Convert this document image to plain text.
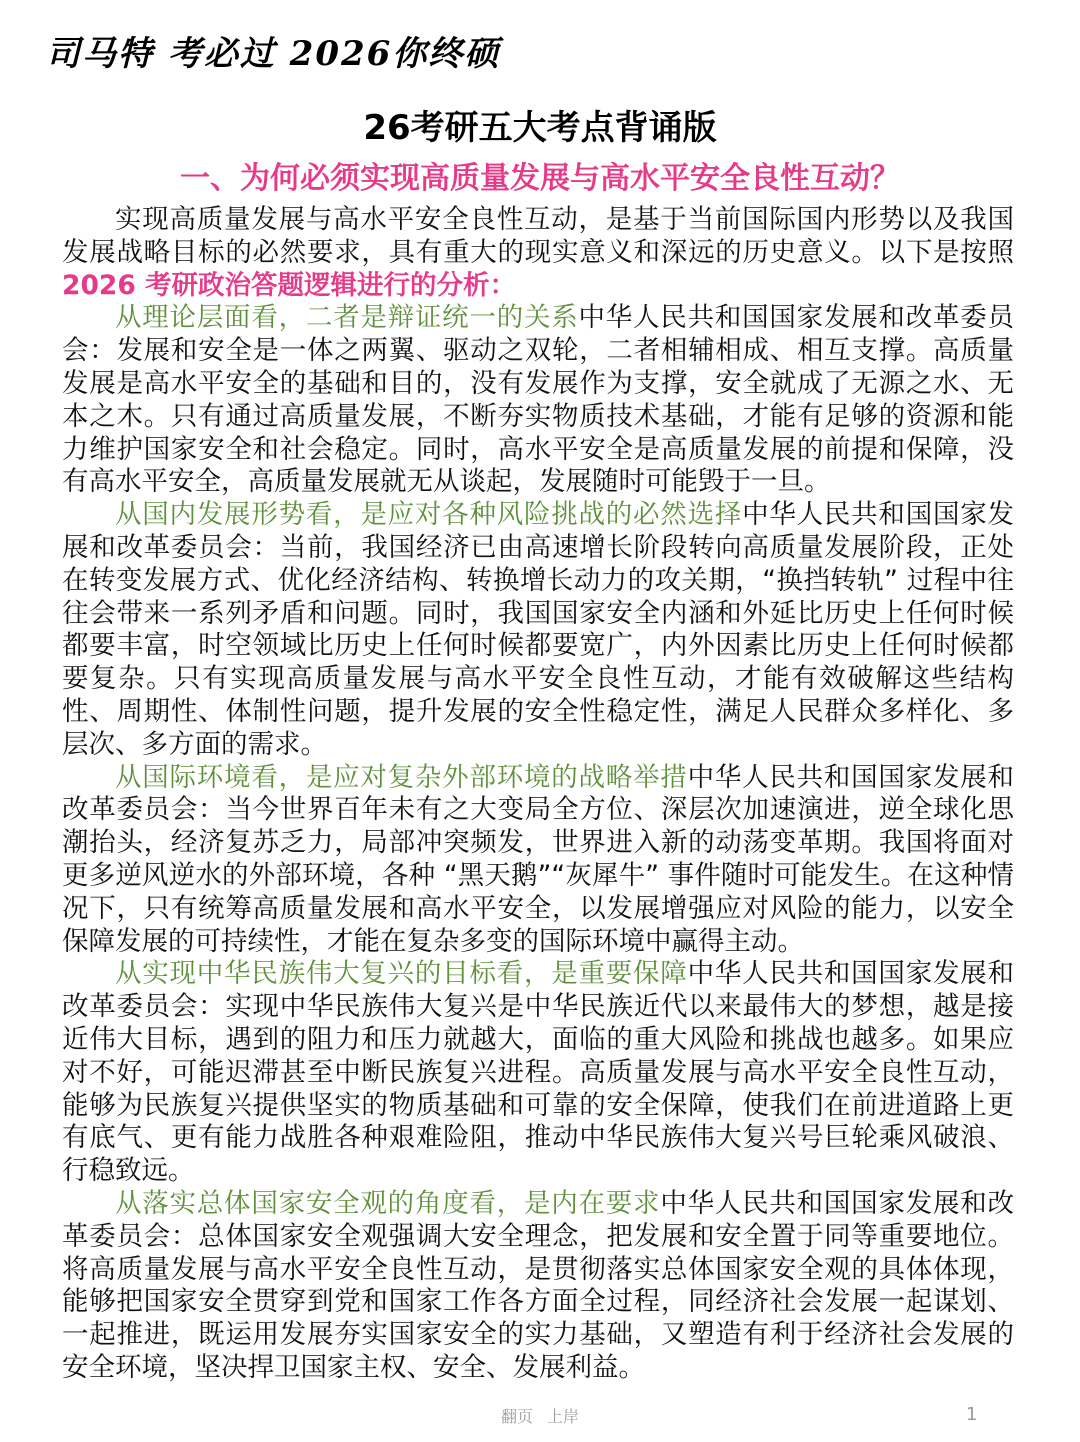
司马特 考必过 2026你终硕
26考研五大考点背诵版
一、为何必须实现高质量发展与高水平安全良性互动？

实现高质量发展与高水平安全良性互动，是基于当前国际国内形势以及我国发展战略目标的必然要求，具有重大的现实意义和深远的历史意义。以下是按照 2026 考研政治答题逻辑进行的分析：

从理论层面看，二者是辩证统一的关系中华人民共和国国家发展和改革委员会：发展和安全是一体之两翼、驱动之双轮，二者相辅相成、相互支撑。高质量发展是高水平安全的基础和目的，没有发展作为支撑，安全就成了无源之水、无本之木。只有通过高质量发展，不断夯实物质技术基础，才能有足够的资源和能力维护国家安全和社会稳定。同时，高水平安全是高质量发展的前提和保障，没有高水平安全，高质量发展就无从谈起，发展随时可能毁于一旦。

从国内发展形势看，是应对各种风险挑战的必然选择中华人民共和国国家发展和改革委员会：当前，我国经济已由高速增长阶段转向高质量发展阶段，正处在转变发展方式、优化经济结构、转换增长动力的攻关期，“换挡转轨” 过程中往往会带来一系列矛盾和问题。同时，我国国家安全内涵和外延比历史上任何时候都要丰富，时空领域比历史上任何时候都要宽广，内外因素比历史上任何时候都要复杂。只有实现高质量发展与高水平安全良性互动，才能有效破解这些结构性、周期性、体制性问题，提升发展的安全性稳定性，满足人民群众多样化、多层次、多方面的需求。

从国际环境看，是应对复杂外部环境的战略举措中华人民共和国国家发展和改革委员会：当今世界百年未有之大变局全方位、深层次加速演进，逆全球化思潮抬头，经济复苏乏力，局部冲突频发，世界进入新的动荡变革期。我国将面对更多逆风逆水的外部环境，各种 “黑天鹅”“灰犀牛” 事件随时可能发生。在这种情况下，只有统筹高质量发展和高水平安全，以发展增强应对风险的能力，以安全保障发展的可持续性，才能在复杂多变的国际环境中赢得主动。

从实现中华民族伟大复兴的目标看，是重要保障中华人民共和国国家发展和改革委员会：实现中华民族伟大复兴是中华民族近代以来最伟大的梦想，越是接近伟大目标，遇到的阻力和压力就越大，面临的重大风险和挑战也越多。如果应对不好，可能迟滞甚至中断民族复兴进程。高质量发展与高水平安全良性互动，能够为民族复兴提供坚实的物质基础和可靠的安全保障，使我们在前进道路上更有底气、更有能力战胜各种艰难险阻，推动中华民族伟大复兴号巨轮乘风破浪、行稳致远。

从落实总体国家安全观的角度看，是内在要求中华人民共和国国家发展和改革委员会：总体国家安全观强调大安全理念，把发展和安全置于同等重要地位。将高质量发展与高水平安全良性互动，是贯彻落实总体国家安全观的具体体现，能够把国家安全贯穿到党和国家工作各方面全过程，同经济社会发展一起谋划、一起推进，既运用发展夯实国家安全的实力基础，又塑造有利于经济社会发展的安全环境，坚决捍卫国家主权、安全、发展利益。

翻页 上岸	1
